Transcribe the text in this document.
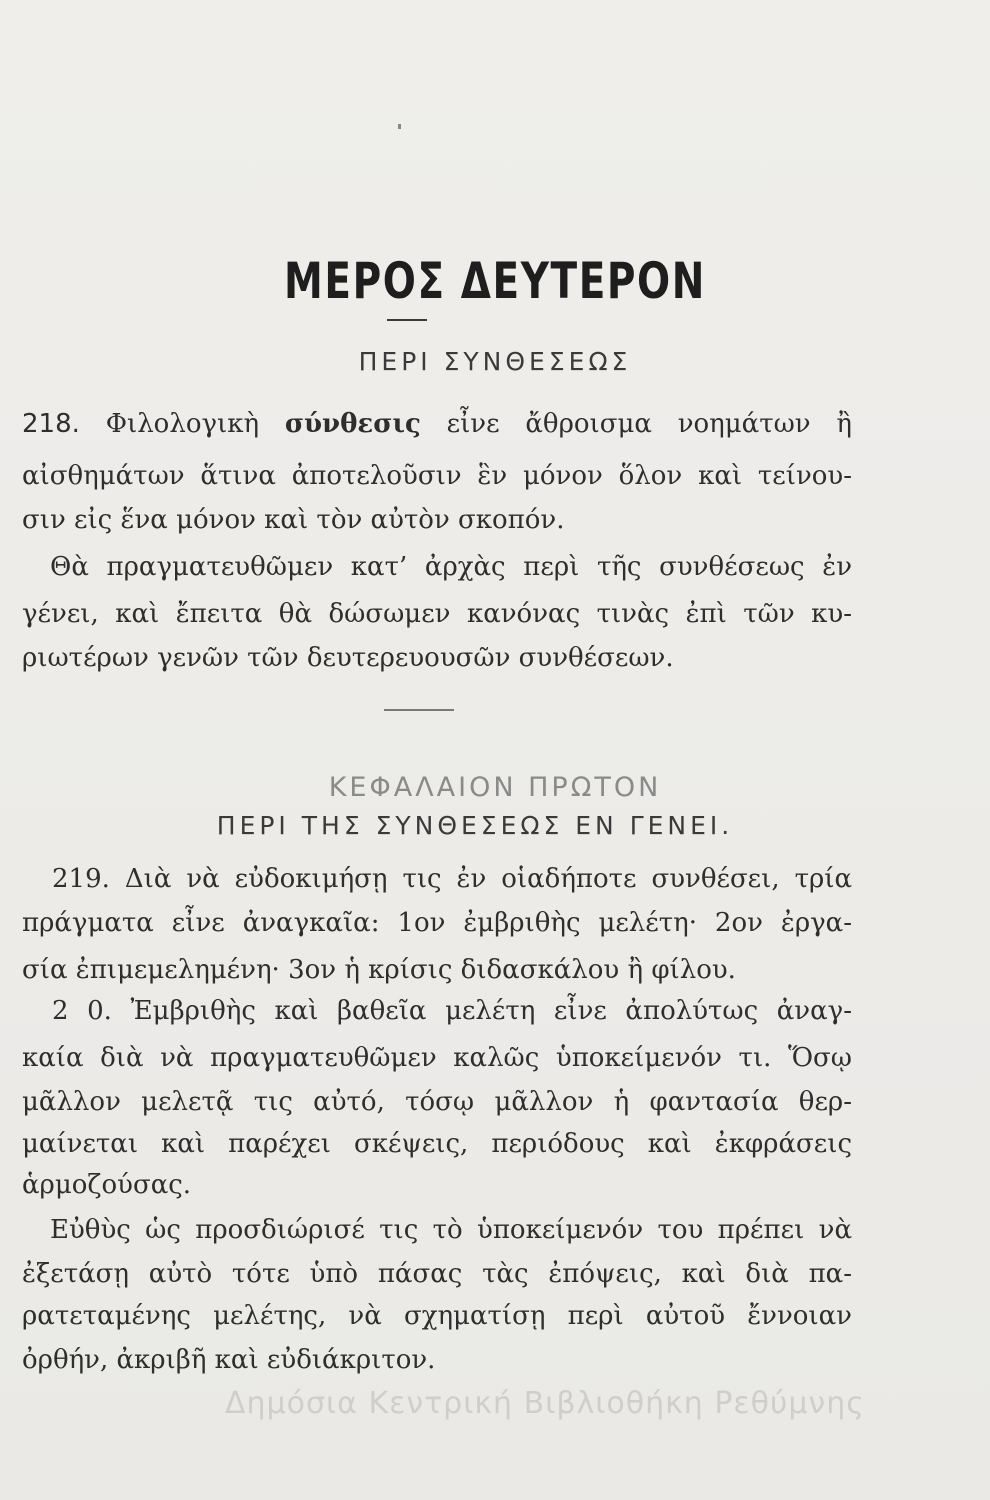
ΜΕΡΟΣ ΔΕΥΤΕΡΟΝ
ΠΕΡΙ ΣΥΝΘΕΣΕΩΣ
218. Φιλολογικὴ σύνθεσις εἶνε ἄθροισμα νοημάτων ἢ
αἰσθημάτων ἅτινα ἀποτελοῦσιν ἓν μόνον ὅλον καὶ τείνου-
σιν εἰς ἕνα μόνον καὶ τὸν αὐτὸν σκοπόν.
Θὰ πραγματευθῶμεν κατ’ ἀρχὰς περὶ τῆς συνθέσεως ἐν
γένει, καὶ ἔπειτα θὰ δώσωμεν κανόνας τινὰς ἐπὶ τῶν κυ-
ριωτέρων γενῶν τῶν δευτερευουσῶν συνθέσεων.
ΚΕΦΑΛΑΙΟΝ ΠΡΩΤΟΝ
ΠΕΡΙ ΤΗΣ ΣΥΝΘΕΣΕΩΣ ΕΝ ΓΕΝΕΙ.
219. Διὰ νὰ εὐδοκιμήσῃ τις ἐν οἱαδήποτε συνθέσει, τρία
πράγματα εἶνε ἀναγκαῖα: 1ον ἐμβριθὴς μελέτη· 2ον ἐργα-
σία ἐπιμεμελημένη· 3ον ἡ κρίσις διδασκάλου ἢ φίλου.
2 0. Ἐμβριθὴς καὶ βαθεῖα μελέτη εἶνε ἀπολύτως ἀναγ-
καία διὰ νὰ πραγματευθῶμεν καλῶς ὑποκείμενόν τι. Ὅσῳ
μᾶλλον μελετᾷ τις αὐτό, τόσῳ μᾶλλον ἡ φαντασία θερ-
μαίνεται καὶ παρέχει σκέψεις, περιόδους καὶ ἐκφράσεις
ἁρμοζούσας.
Εὐθὺς ὡς προσδιώρισέ τις τὸ ὑποκείμενόν του πρέπει νὰ
ἐξετάσῃ αὐτὸ τότε ὑπὸ πάσας τὰς ἐπόψεις, καὶ διὰ πα-
ρατεταμένης μελέτης, νὰ σχηματίσῃ περὶ αὐτοῦ ἔννοιαν
ὀρθήν, ἀκριβῆ καὶ εὐδιάκριτον.
Δημόσια Κεντρική Βιβλιοθήκη Ρεθύμνης
